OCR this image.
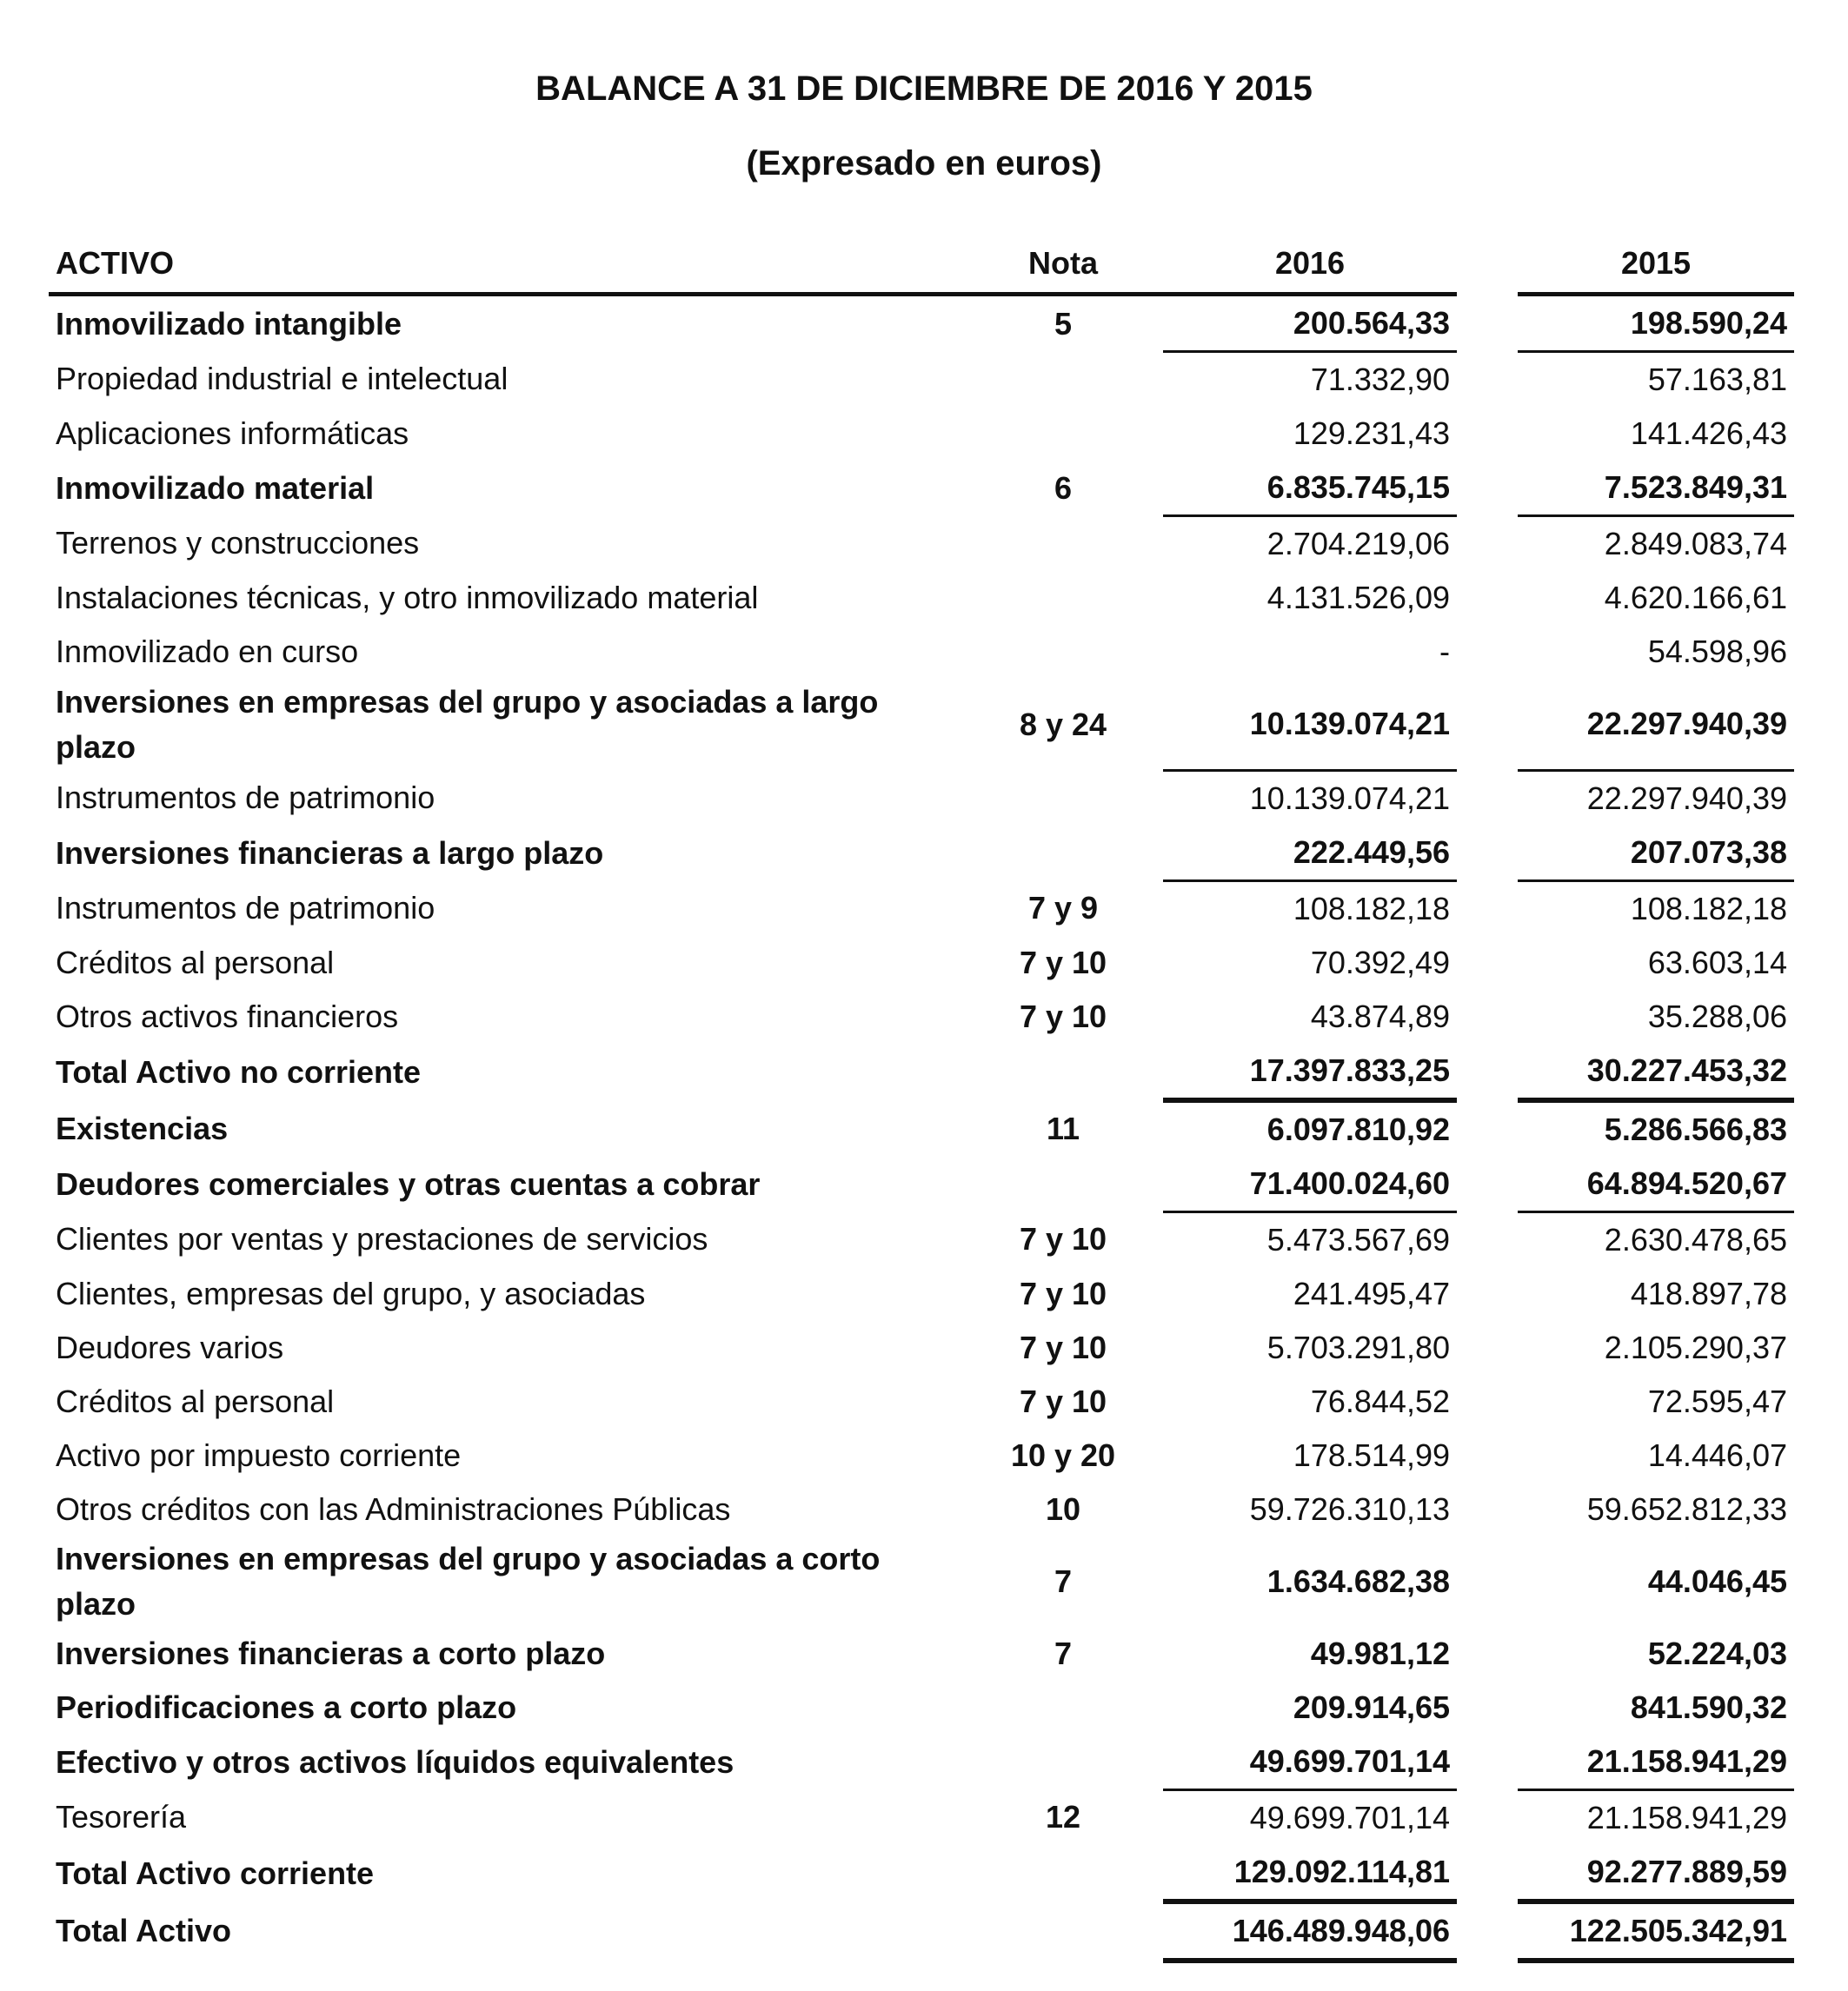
BALANCE A 31 DE DICIEMBRE DE 2016 Y 2015
(Expresado en euros)
ACTIVO	Nota	2016		2015
Inmovilizado intangible	5	200.564,33		198.590,24
Propiedad industrial e intelectual		71.332,90		57.163,81
Aplicaciones informáticas		129.231,43		141.426,43
Inmovilizado material	6	6.835.745,15		7.523.849,31
Terrenos y construcciones		2.704.219,06		2.849.083,74
Instalaciones técnicas, y otro inmovilizado material		4.131.526,09		4.620.166,61
Inmovilizado en curso		-		54.598,96
Inversiones en empresas del grupo y asociadas a largo plazo	8 y 24	10.139.074,21		22.297.940,39
Instrumentos de patrimonio		10.139.074,21		22.297.940,39
Inversiones financieras a largo plazo		222.449,56		207.073,38
Instrumentos de patrimonio	7 y 9	108.182,18		108.182,18
Créditos al personal	7 y 10	70.392,49		63.603,14
Otros activos financieros	7 y 10	43.874,89		35.288,06
Total Activo no corriente		17.397.833,25		30.227.453,32
Existencias	11	6.097.810,92		5.286.566,83
Deudores comerciales y otras cuentas a cobrar		71.400.024,60		64.894.520,67
Clientes por ventas y prestaciones de servicios	7 y 10	5.473.567,69		2.630.478,65
Clientes, empresas del grupo, y asociadas	7 y 10	241.495,47		418.897,78
Deudores varios	7 y 10	5.703.291,80		2.105.290,37
Créditos al personal	7 y 10	76.844,52		72.595,47
Activo por impuesto corriente	10 y 20	178.514,99		14.446,07
Otros créditos con las Administraciones Públicas	10	59.726.310,13		59.652.812,33
Inversiones en empresas del grupo y asociadas a corto plazo	7	1.634.682,38		44.046,45
Inversiones financieras a corto plazo	7	49.981,12		52.224,03
Periodificaciones a corto plazo		209.914,65		841.590,32
Efectivo y otros activos líquidos equivalentes		49.699.701,14		21.158.941,29
Tesorería	12	49.699.701,14		21.158.941,29
Total Activo corriente		129.092.114,81		92.277.889,59
Total Activo		146.489.948,06		122.505.342,91
